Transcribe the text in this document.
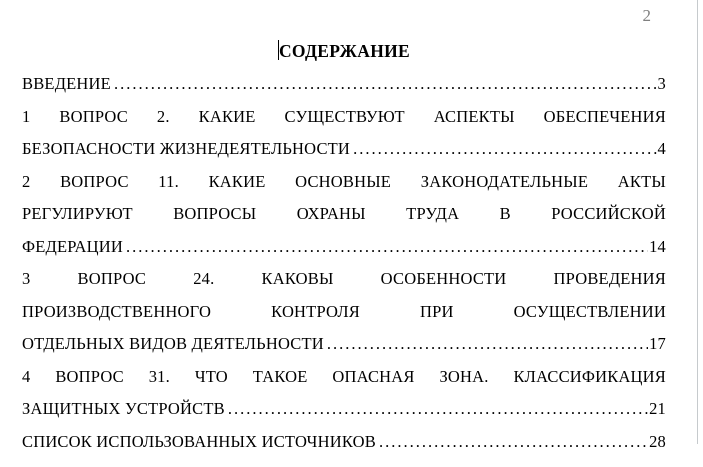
2
СОДЕРЖАНИЕ
ВВЕДЕНИЕ .....	3
1 ВОПРОС 2. КАКИЕ СУЩЕСТВУЮТ АСПЕКТЫ ОБЕСПЕЧЕНИЯ
БЕЗОПАСНОСТИ ЖИЗНЕДЕЯТЕЛЬНОСТИ .....	4
2 ВОПРОС 11. КАКИЕ ОСНОВНЫЕ ЗАКОНОДАТЕЛЬНЫЕ АКТЫ
РЕГУЛИРУЮТ ВОПРОСЫ ОХРАНЫ ТРУДА В РОССИЙСКОЙ
ФЕДЕРАЦИИ .....	14
3 ВОПРОС 24. КАКОВЫ ОСОБЕННОСТИ ПРОВЕДЕНИЯ
ПРОИЗВОДСТВЕННОГО КОНТРОЛЯ ПРИ ОСУЩЕСТВЛЕНИИ
ОТДЕЛЬНЫХ ВИДОВ ДЕЯТЕЛЬНОСТИ .....	17
4 ВОПРОС 31. ЧТО ТАКОЕ ОПАСНАЯ ЗОНА. КЛАССИФИКАЦИЯ
ЗАЩИТНЫХ УСТРОЙСТВ .....	21
СПИСОК ИСПОЛЬЗОВАННЫХ ИСТОЧНИКОВ .....	28
